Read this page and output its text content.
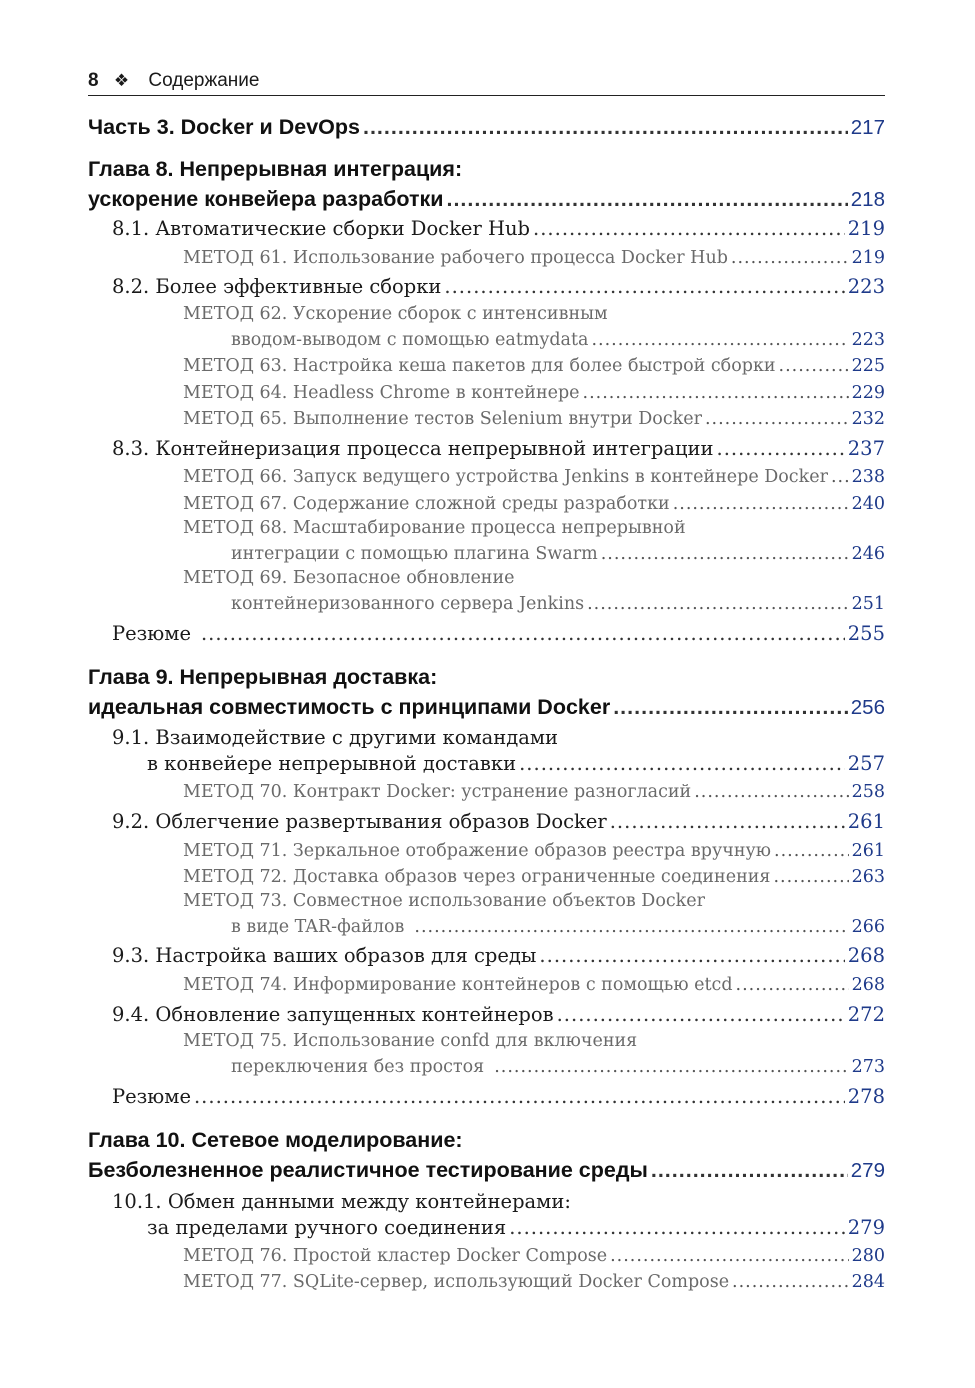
8 ❖ Содержание
Часть 3. Docker и DevOps .....	217
Глава 8. Непрерывная интеграция:
ускорение конвейера разработки .....	218
8.1. Автоматические сборки Docker Hub .....	219
МЕТОД 61. Использование рабочего процесса Docker Hub .....	219
8.2. Более эффективные сборки .....	223
МЕТОД 62. Ускорение сборок с интенсивным
вводом-выводом с помощью eatmydata .....	223
МЕТОД 63. Настройка кеша пакетов для более быстрой сборки .....	225
МЕТОД 64. Headless Chrome в контейнере .....	229
МЕТОД 65. Выполнение тестов Selenium внутри Docker .....	232
8.3. Контейнеризация процесса непрерывной интеграции .....	237
МЕТОД 66. Запуск ведущего устройства Jenkins в контейнере Docker ..... 238
МЕТОД 67. Содержание сложной среды разработки .....	240
МЕТОД 68. Масштабирование процесса непрерывной
интеграции с помощью плагина Swarm .....	246
МЕТОД 69. Безопасное обновление
контейнеризованного сервера Jenkins .....	251
Резюме .....	255
Глава 9. Непрерывная доставка:
идеальная совместимость с принципами Docker .....	256
9.1. Взаимодействие с другими командами
в конвейере непрерывной доставки .....	257
МЕТОД 70. Контракт Docker: устранение разногласий .....	258
9.2. Облегчение развертывания образов Docker .....	261
МЕТОД 71. Зеркальное отображение образов реестра вручную .....	261
МЕТОД 72. Доставка образов через ограниченные соединения .....	263
МЕТОД 73. Совместное использование объектов Docker
в виде TAR-файлов .....	266
9.3. Настройка ваших образов для среды .....	268
МЕТОД 74. Информирование контейнеров с помощью etcd .....	268
9.4. Обновление запущенных контейнеров .....	272
МЕТОД 75. Использование confd для включения
переключения без простоя .....	273
Резюме .....	278
Глава 10. Сетевое моделирование:
Безболезненное реалистичное тестирование среды .....	279
10.1. Обмен данными между контейнерами:
за пределами ручного соединения .....	279
МЕТОД 76. Простой кластер Docker Compose .....	280
МЕТОД 77. SQLite-сервер, использующий Docker Compose .....	284
